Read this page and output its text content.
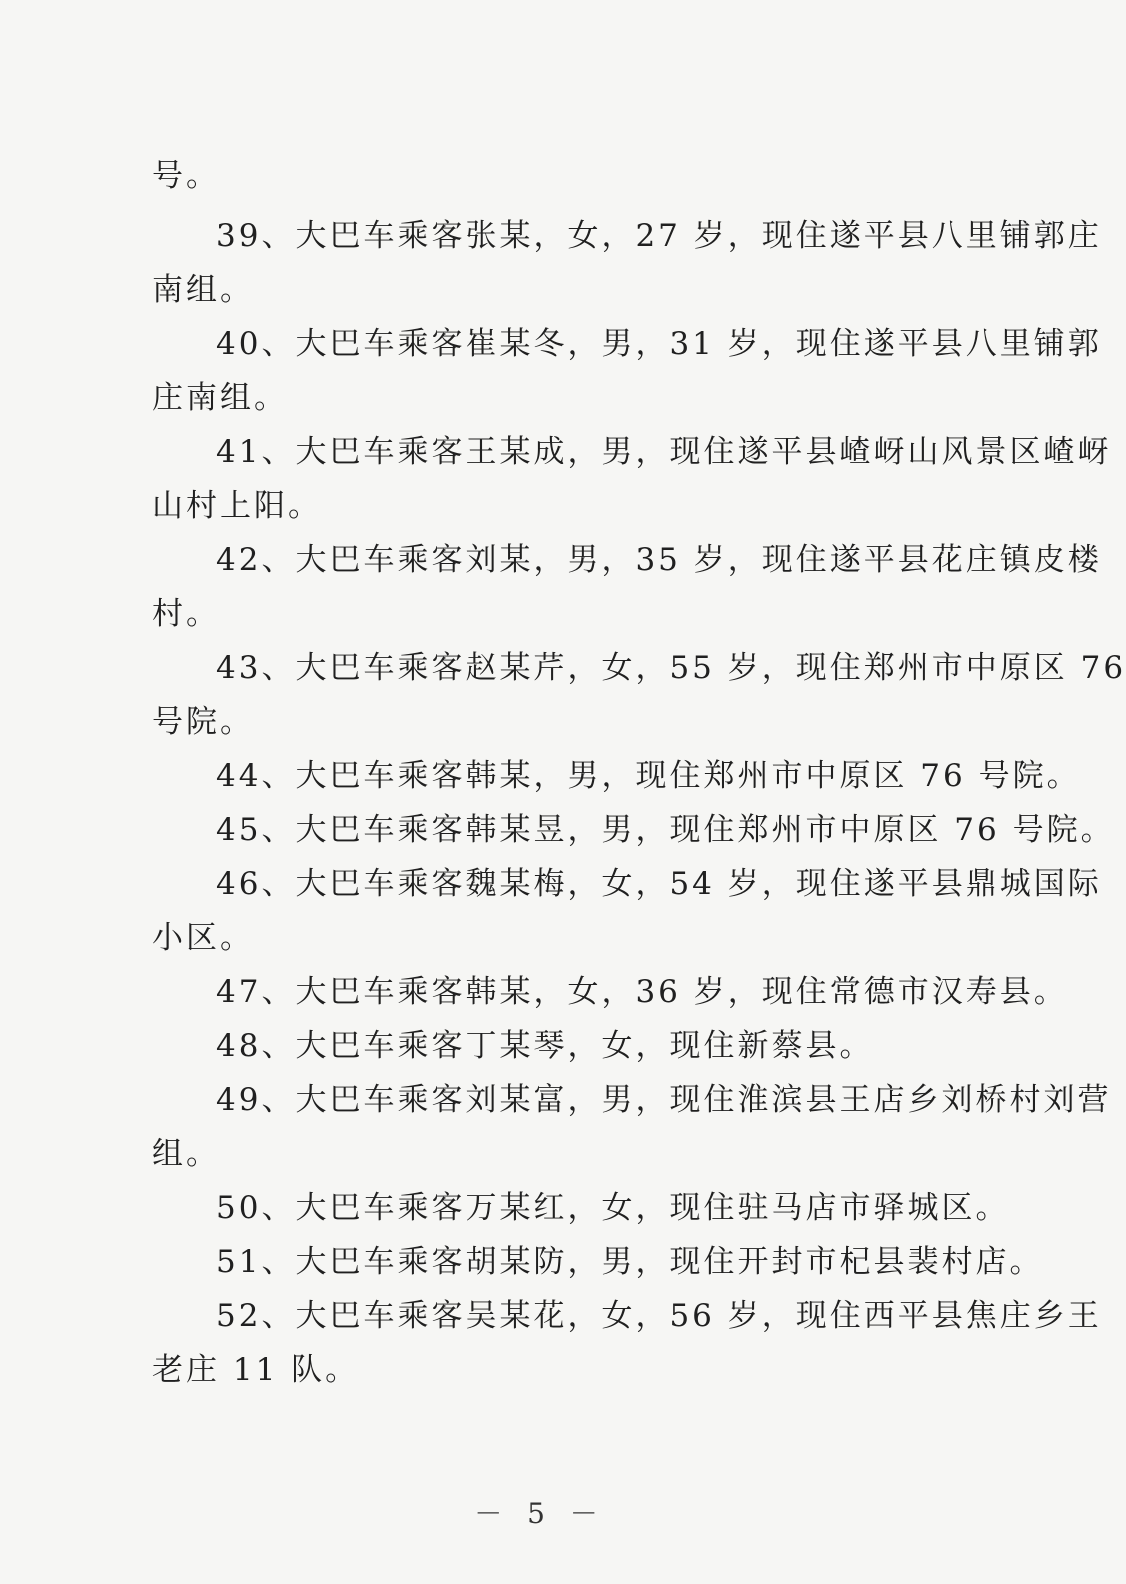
号。
39、大巴车乘客张某，女，27 岁，现住遂平县八里铺郭庄
南组。
40、大巴车乘客崔某冬，男，31 岁，现住遂平县八里铺郭
庄南组。
41、大巴车乘客王某成，男，现住遂平县嵖岈山风景区嵖岈
山村上阳。
42、大巴车乘客刘某，男，35 岁，现住遂平县花庄镇皮楼
村。
43、大巴车乘客赵某芹，女，55 岁，现住郑州市中原区 76
号院。
44、大巴车乘客韩某，男，现住郑州市中原区 76 号院。
45、大巴车乘客韩某昱，男，现住郑州市中原区 76 号院。
46、大巴车乘客魏某梅，女，54 岁，现住遂平县鼎城国际
小区。
47、大巴车乘客韩某，女，36 岁，现住常德市汉寿县。
48、大巴车乘客丁某琴，女，现住新蔡县。
49、大巴车乘客刘某富，男，现住淮滨县王店乡刘桥村刘营
组。
50、大巴车乘客万某红，女，现住驻马店市驿城区。
51、大巴车乘客胡某防，男，现住开封市杞县裴村店。
52、大巴车乘客吴某花，女，56 岁，现住西平县焦庄乡王
老庄 11 队。
－ 5 －
